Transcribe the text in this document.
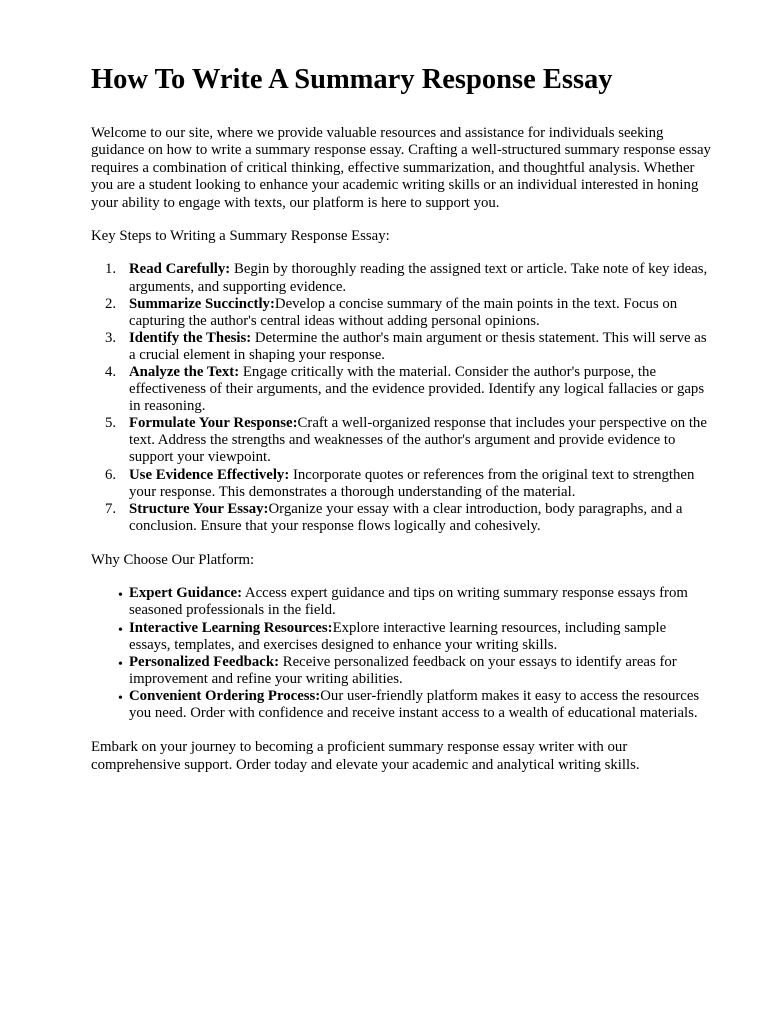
How To Write A Summary Response Essay

Welcome to our site, where we provide valuable resources and assistance for individuals seeking guidance on how to write a summary response essay. Crafting a well-structured summary response essay requires a combination of critical thinking, effective summarization, and thoughtful analysis. Whether you are a student looking to enhance your academic writing skills or an individual interested in honing your ability to engage with texts, our platform is here to support you.

Key Steps to Writing a Summary Response Essay:

1. Read Carefully: Begin by thoroughly reading the assigned text or article. Take note of key ideas, arguments, and supporting evidence.
2. Summarize Succinctly:Develop a concise summary of the main points in the text. Focus on capturing the author's central ideas without adding personal opinions.
3. Identify the Thesis: Determine the author's main argument or thesis statement. This will serve as a crucial element in shaping your response.
4. Analyze the Text: Engage critically with the material. Consider the author's purpose, the effectiveness of their arguments, and the evidence provided. Identify any logical fallacies or gaps in reasoning.
5. Formulate Your Response:Craft a well-organized response that includes your perspective on the text. Address the strengths and weaknesses of the author's argument and provide evidence to support your viewpoint.
6. Use Evidence Effectively: Incorporate quotes or references from the original text to strengthen your response. This demonstrates a thorough understanding of the material.
7. Structure Your Essay:Organize your essay with a clear introduction, body paragraphs, and a conclusion. Ensure that your response flows logically and cohesively.

Why Choose Our Platform:

• Expert Guidance: Access expert guidance and tips on writing summary response essays from seasoned professionals in the field.
• Interactive Learning Resources:Explore interactive learning resources, including sample essays, templates, and exercises designed to enhance your writing skills.
• Personalized Feedback: Receive personalized feedback on your essays to identify areas for improvement and refine your writing abilities.
• Convenient Ordering Process:Our user-friendly platform makes it easy to access the resources you need. Order with confidence and receive instant access to a wealth of educational materials.

Embark on your journey to becoming a proficient summary response essay writer with our comprehensive support. Order today and elevate your academic and analytical writing skills.
